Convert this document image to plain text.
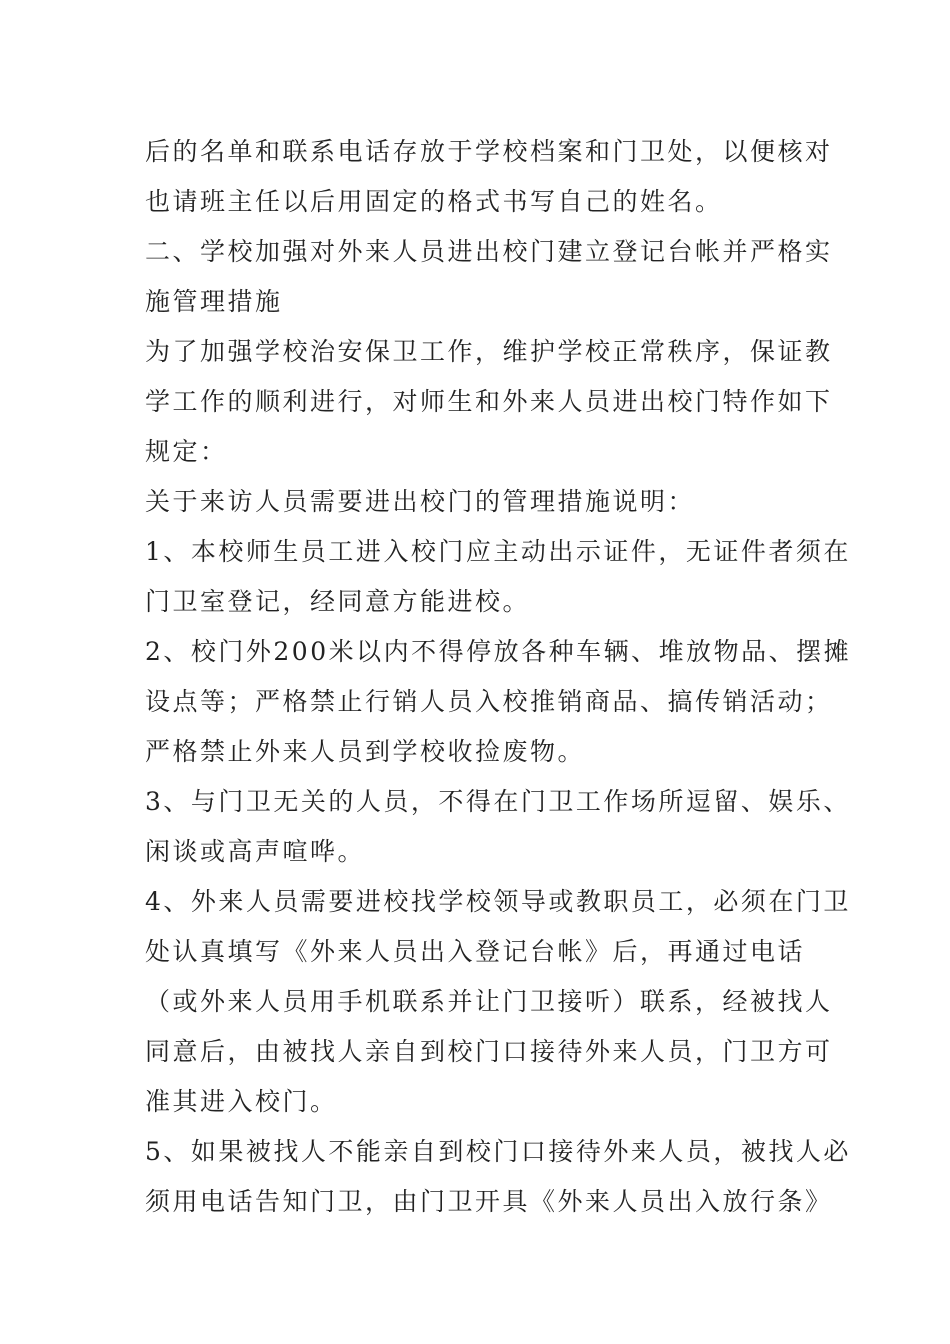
后的名单和联系电话存放于学校档案和门卫处，以便核对
也请班主任以后用固定的格式书写自己的姓名。
二、学校加强对外来人员进出校门建立登记台帐并严格实
施管理措施
为了加强学校治安保卫工作，维护学校正常秩序，保证教
学工作的顺利进行，对师生和外来人员进出校门特作如下
规定：
关于来访人员需要进出校门的管理措施说明：
1、本校师生员工进入校门应主动出示证件，无证件者须在
门卫室登记，经同意方能进校。
2、校门外200米以内不得停放各种车辆、堆放物品、摆摊
设点等；严格禁止行销人员入校推销商品、搞传销活动；
严格禁止外来人员到学校收捡废物。
3、与门卫无关的人员，不得在门卫工作场所逗留、娱乐、
闲谈或高声喧哗。
4、外来人员需要进校找学校领导或教职员工，必须在门卫
处认真填写《外来人员出入登记台帐》后，再通过电话
（或外来人员用手机联系并让门卫接听）联系，经被找人
同意后，由被找人亲自到校门口接待外来人员，门卫方可
准其进入校门。
5、如果被找人不能亲自到校门口接待外来人员，被找人必
须用电话告知门卫，由门卫开具《外来人员出入放行条》
